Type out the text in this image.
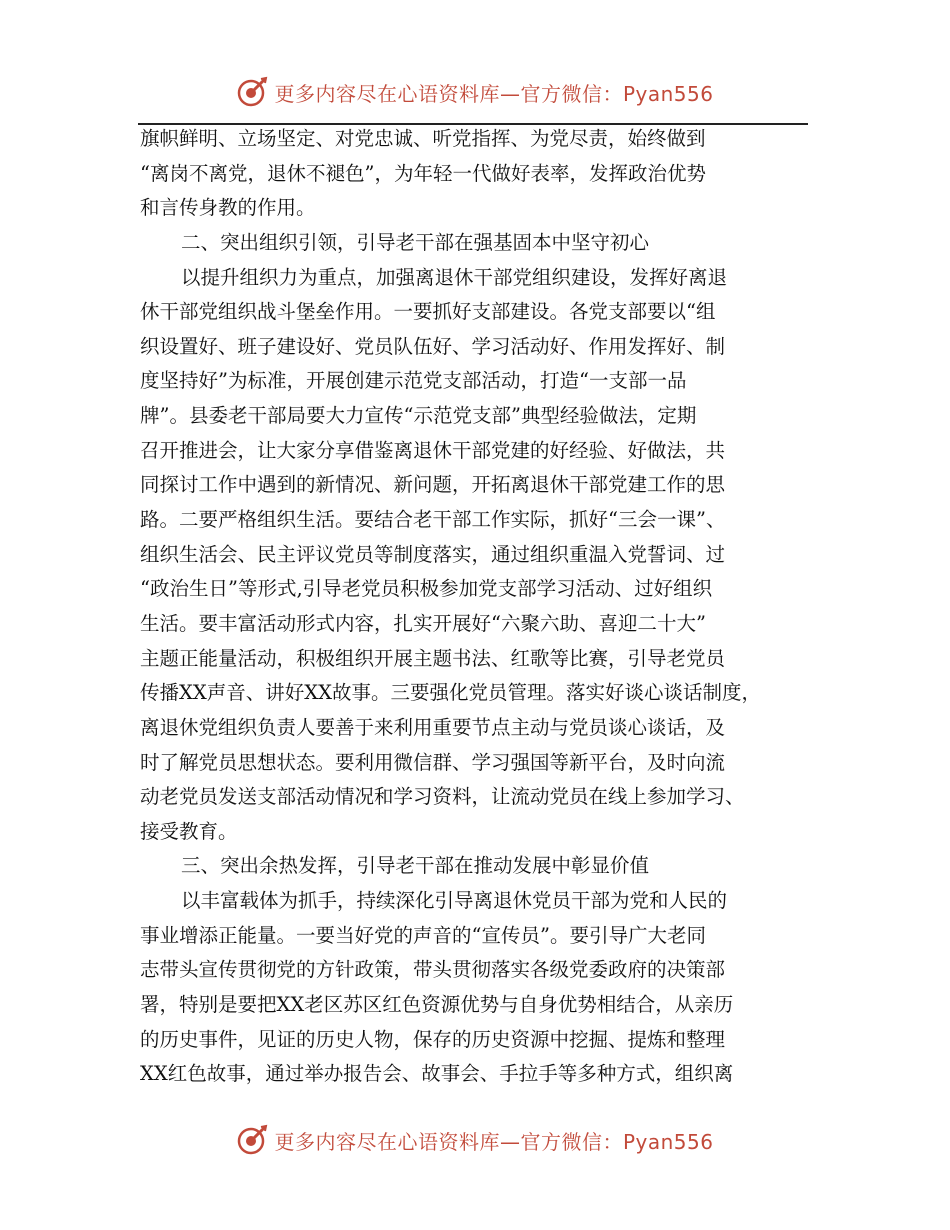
更多内容尽在心语资料库—官方微信：Pyan556
旗帜鲜明、立场坚定、对党忠诚、听党指挥、为党尽责，始终做到
“离岗不离党，退休不褪色”，为年轻一代做好表率，发挥政治优势
和言传身教的作用。
二、突出组织引领，引导老干部在强基固本中坚守初心
以提升组织力为重点，加强离退休干部党组织建设，发挥好离退
休干部党组织战斗堡垒作用。一要抓好支部建设。各党支部要以“组
织设置好、班子建设好、党员队伍好、学习活动好、作用发挥好、制
度坚持好”为标准，开展创建示范党支部活动，打造“一支部一品
牌”。县委老干部局要大力宣传“示范党支部”典型经验做法，定期
召开推进会，让大家分享借鉴离退休干部党建的好经验、好做法，共
同探讨工作中遇到的新情况、新问题，开拓离退休干部党建工作的思
路。二要严格组织生活。要结合老干部工作实际，抓好“三会一课”、
组织生活会、民主评议党员等制度落实，通过组织重温入党誓词、过
“政治生日”等形式,引导老党员积极参加党支部学习活动、过好组织
生活。要丰富活动形式内容，扎实开展好“六聚六助、喜迎二十大”
主题正能量活动，积极组织开展主题书法、红歌等比赛，引导老党员
传播XX声音、讲好XX故事。三要强化党员管理。落实好谈心谈话制度，
离退休党组织负责人要善于来利用重要节点主动与党员谈心谈话，及
时了解党员思想状态。要利用微信群、学习强国等新平台，及时向流
动老党员发送支部活动情况和学习资料，让流动党员在线上参加学习、
接受教育。
三、突出余热发挥，引导老干部在推动发展中彰显价值
以丰富载体为抓手，持续深化引导离退休党员干部为党和人民的
事业增添正能量。一要当好党的声音的“宣传员”。要引导广大老同
志带头宣传贯彻党的方针政策，带头贯彻落实各级党委政府的决策部
署，特别是要把XX老区苏区红色资源优势与自身优势相结合，从亲历
的历史事件，见证的历史人物，保存的历史资源中挖掘、提炼和整理
XX红色故事，通过举办报告会、故事会、手拉手等多种方式，组织离
更多内容尽在心语资料库—官方微信：Pyan556
